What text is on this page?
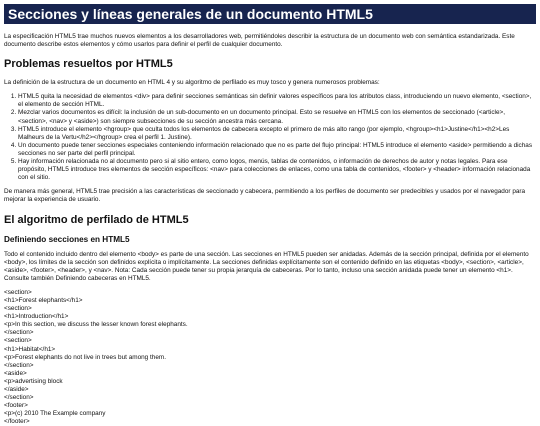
Secciones y líneas generales de un documento HTML5

La especificación HTML5 trae muchos nuevos elementos a los desarrolladores web, permitiéndoles describir la estructura de un documento web con semántica estandarizada. Este documento describe estos elementos y cómo usarlos para definir el perfil de cualquier documento.

Problemas resueltos por HTML5

La definición de la estructura de un documento en HTML 4 y su algoritmo de perfilado es muy tosco y genera numerosos problemas:

1. HTML5 quita la necesidad de elementos <div> para definir secciones semánticas sin definir valores específicos para los atributos class, introduciendo un nuevo elemento, <section>, el elemento de sección HTML.
2. Mezclar varios documentos es difícil: la inclusión de un sub-documento en un documento principal. Esto se resuelve en HTML5 con los elementos de seccionado (<article>, <section>, <nav> y <aside>) son siempre subsecciones de su sección ancestra más cercana.
3. HTML5 introduce el elemento <hgroup> que oculta todos los elementos de cabecera excepto el primero de más alto rango (por ejemplo, <hgroup><h1>Justine</h1><h2>Les Malheurs de la Vertu</h2></hgroup> crea el perfil 1. Justine).
4. Un documento puede tener secciones especiales conteniendo información relacionado que no es parte del flujo principal: HTML5 introduce el elemento <aside> permitiendo a dichas secciones no ser parte del perfil principal.
5. Hay información relacionada no al documento pero si al sitio entero, como logos, menús, tablas de contenidos, o información de derechos de autor y notas legales. Para ese propósito, HTML5 introduce tres elementos de sección específicos: <nav> para colecciones de enlaces, como una tabla de contenidos, <footer> y <header> información relacionada con el sitio.

De manera más general, HTML5 trae precisión a las características de seccionado y cabecera, permitiendo a los perfiles de documento ser predecibles y usados por el navegador para mejorar la experiencia de usuario.

El algoritmo de perfilado de HTML5
Definiendo secciones en HTML5

Todo el contenido incluido dentro del elemento <body> es parte de una sección. Las secciones en HTML5 pueden ser anidadas. Además de la sección principal, definida por el elemento <body>, los límites de la sección son definidos explícita o implícitamente. La secciones definidas explícitamente son el contenido definido en las etiquetas <body>, <section>, <article>, <aside>, <footer>, <header>, y <nav>. Nota: Cada sección puede tener su propia jerarquía de cabeceras. Por lo tanto, incluso una sección anidada puede tener un elemento <h1>. Consulte también Definiendo cabeceras en HTML5.

<section>
<h1>Forest elephants</h1>
<section>
<h1>Introduction</h1>
<p>In this section, we discuss the lesser known forest elephants.
</section>
<section>
<h1>Habitat</h1>
<p>Forest elephants do not live in trees but among them.
</section>
<aside>
<p>advertising block
</aside>
</section>
<footer>
<p>(c) 2010 The Example company
</footer>
